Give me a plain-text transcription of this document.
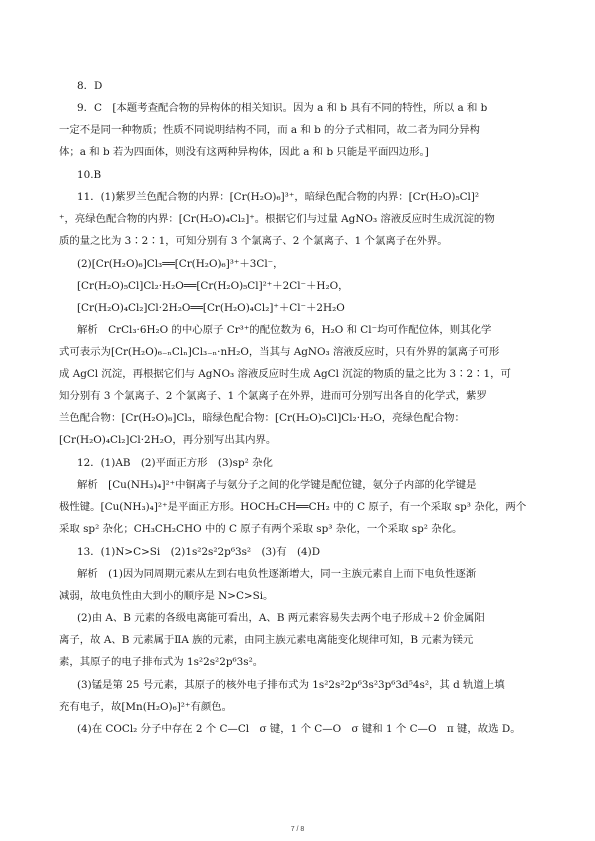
8．D
9．C　[本题考查配合物的异构体的相关知识。因为 a 和 b 具有不同的特性，所以 a 和 b
一定不是同一种物质；性质不同说明结构不同，而 a 和 b 的分子式相同，故二者为同分异构
体；a 和 b 若为四面体，则没有这两种异构体，因此 a 和 b 只能是平面四边形。]
10.B
11．(1)紫罗兰色配合物的内界：[Cr(H₂O)₆]³⁺，暗绿色配合物的内界：[Cr(H₂O)₅Cl]²
⁺，亮绿色配合物的内界：[Cr(H₂O)₄Cl₂]⁺。根据它们与过量 AgNO₃ 溶液反应时生成沉淀的物
质的量之比为 3∶2∶1，可知分别有 3 个氯离子、2 个氯离子、1 个氯离子在外界。
(2)[Cr(H₂O)₆]Cl₃══[Cr(H₂O)₆]³⁺＋3Cl⁻，
[Cr(H₂O)₅Cl]Cl₂·H₂O══[Cr(H₂O)₅Cl]²⁺＋2Cl⁻＋H₂O，
[Cr(H₂O)₄Cl₂]Cl·2H₂O══[Cr(H₂O)₄Cl₂]⁺＋Cl⁻＋2H₂O
解析　CrCl₃·6H₂O 的中心原子 Cr³⁺的配位数为 6，H₂O 和 Cl⁻均可作配位体，则其化学
式可表示为[Cr(H₂O)₆₋ₙClₙ]Cl₃₋ₙ·nH₂O，当其与 AgNO₃ 溶液反应时，只有外界的氯离子可形
成 AgCl 沉淀，再根据它们与 AgNO₃ 溶液反应时生成 AgCl 沉淀的物质的量之比为 3∶2∶1，可
知分别有 3 个氯离子、2 个氯离子、1 个氯离子在外界，进而可分别写出各自的化学式，紫罗
兰色配合物：[Cr(H₂O)₆]Cl₃，暗绿色配合物：[Cr(H₂O)₅Cl]Cl₂·H₂O，亮绿色配合物：
[Cr(H₂O)₄Cl₂]Cl·2H₂O，再分别写出其内界。
12．(1)AB　(2)平面正方形　(3)sp² 杂化
解析　[Cu(NH₃)₄]²⁺中铜离子与氨分子之间的化学键是配位键，氨分子内部的化学键是
极性键。[Cu(NH₃)₄]²⁺是平面正方形。HOCH₂CH══CH₂ 中的 C 原子，有一个采取 sp³ 杂化，两个
采取 sp² 杂化；CH₃CH₂CHO 中的 C 原子有两个采取 sp³ 杂化，一个采取 sp² 杂化。
13．(1)N>C>Si　(2)1s²2s²2p⁶3s²　(3)有　(4)D
解析　(1)因为同周期元素从左到右电负性逐渐增大，同一主族元素自上而下电负性逐渐
减弱，故电负性由大到小的顺序是 N>C>Si。
(2)由 A、B 元素的各级电离能可看出，A、B 两元素容易失去两个电子形成＋2 价金属阳
离子，故 A、B 元素属于ⅡA 族的元素，由同主族元素电离能变化规律可知，B 元素为镁元
素，其原子的电子排布式为 1s²2s²2p⁶3s²。
(3)锰是第 25 号元素，其原子的核外电子排布式为 1s²2s²2p⁶3s²3p⁶3d⁵4s²，其 d 轨道上填
充有电子，故[Mn(H₂O)₆]²⁺有颜色。
(4)在 COCl₂ 分子中存在 2 个 C—Cl　σ 键，1 个 C—O　σ 键和 1 个 C—O　π 键，故选 D。
7 / 8
